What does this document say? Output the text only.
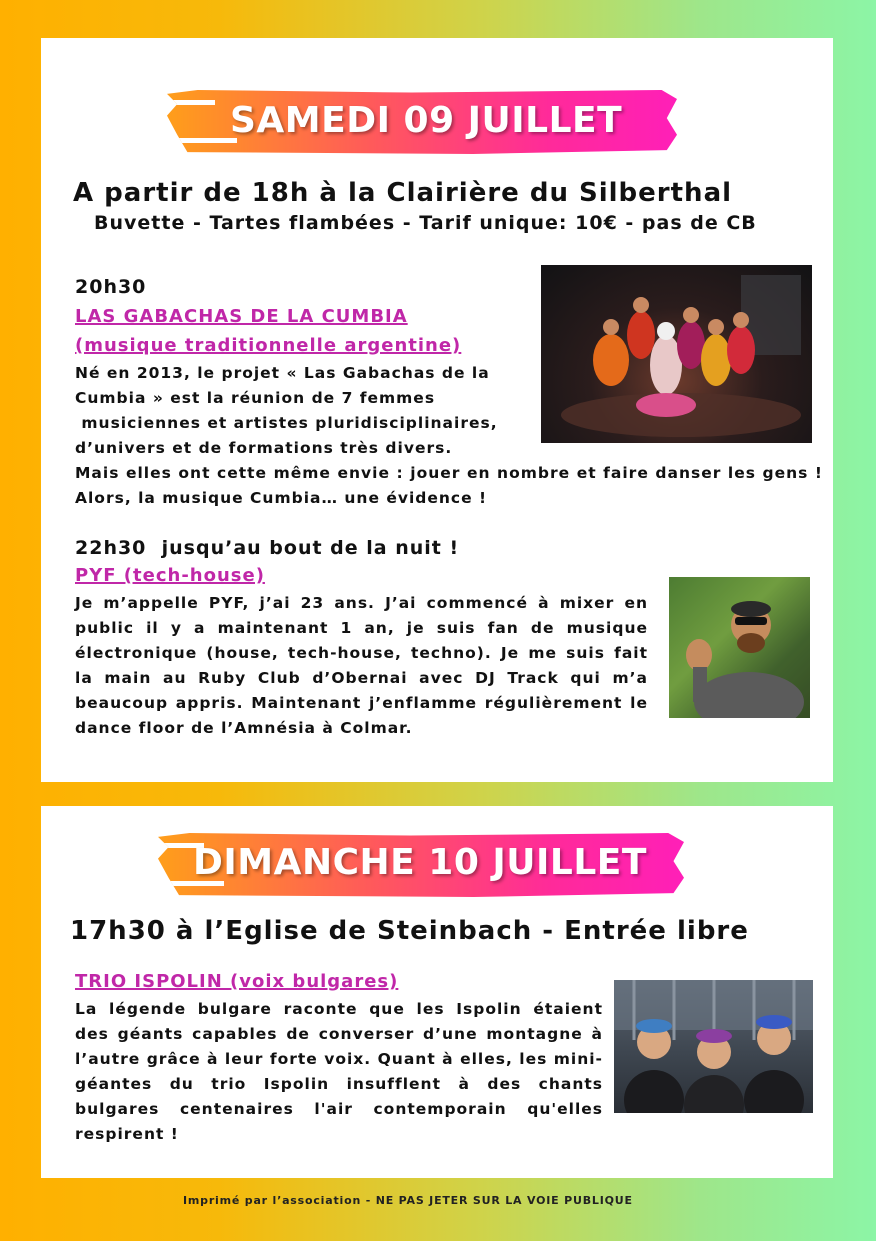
SAMEDI 09 JUILLET
A partir de 18h à la Clairière du Silberthal
Buvette - Tartes flambées - Tarif unique: 10€ - pas de CB
20h30
LAS GABACHAS DE LA CUMBIA
(musique traditionnelle argentine)
Né en 2013, le projet « Las Gabachas de la
Cumbia » est la réunion de 7 femmes
musiciennes et artistes pluridisciplinaires,
d’univers et de formations très divers.
Mais elles ont cette même envie : jouer en nombre et faire danser les gens ! Alors, la musique Cumbia… une évidence !
22h30  jusqu’au bout de la nuit !
PYF (tech-house)
Je m’appelle PYF, j’ai 23 ans. J’ai commencé à mixer en public il y a maintenant 1 an, je suis fan de musique électronique (house, tech-house, techno). Je me suis fait la main au Ruby Club d’Obernai avec DJ Track qui m’a beaucoup appris. Maintenant j’enflamme régulièrement le dance floor de l’Amnésia à Colmar.
DIMANCHE 10 JUILLET
17h30 à l’Eglise de Steinbach - Entrée libre
TRIO ISPOLIN (voix bulgares)
La légende bulgare raconte que les Ispolin étaient des géants capables de converser d’une montagne à l’autre grâce à leur forte voix. Quant à elles, les mini-géantes du trio Ispolin insufflent à des chants bulgares centenaires l'air contemporain qu'elles respirent !
Imprimé par l’association - NE PAS JETER SUR LA VOIE PUBLIQUE
